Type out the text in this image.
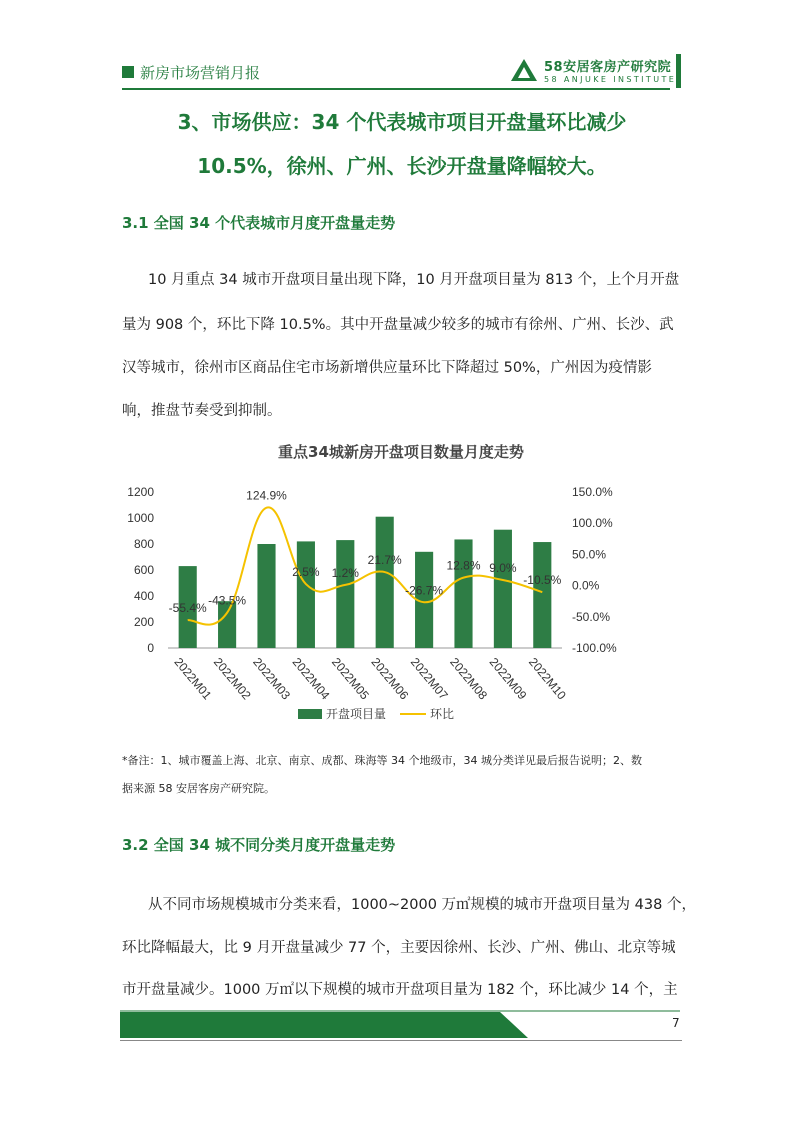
新房市场营销月报	58安居客房产研究院
58 ANJUKE INSTITUTE
3、市场供应：34 个代表城市项目开盘量环比减少
10.5%，徐州、广州、长沙开盘量降幅较大。
3.1 全国 34 个代表城市月度开盘量走势
10 月重点 34 城市开盘项目量出现下降，10 月开盘项目量为 813 个，上个月开盘
量为 908 个，环比下降 10.5%。其中开盘量减少较多的城市有徐州、广州、长沙、武
汉等城市，徐州市区商品住宅市场新增供应量环比下降超过 50%，广州因为疫情影
响，推盘节奏受到抑制。
重点34城新房开盘项目数量月度走势
0
200
400
600
800
1000
1200
-100.0%
-50.0%
0.0%
50.0%
100.0%
150.0%
-55.4%
-43.5%
124.9%
2.5% 1.2%
21.7%
-26.7%
12.8% 9.0%
-10.5%
2022M01
2022M02
2022M03
2022M04
2022M05
2022M06
2022M07
2022M08
2022M09
2022M10
开盘项目量	环比
*备注：1、城市覆盖上海、北京、南京、成都、珠海等 34 个地级市，34 城分类详见最后报告说明；2、数
据来源 58 安居客房产研究院。
3.2 全国 34 城不同分类月度开盘量走势
从不同市场规模城市分类来看，1000~2000 万㎡规模的城市开盘项目量为 438 个，
环比降幅最大，比 9 月开盘量减少 77 个，主要因徐州、长沙、广州、佛山、北京等城
市开盘量减少。1000 万㎡以下规模的城市开盘项目量为 182 个，环比减少 14 个，主
7
